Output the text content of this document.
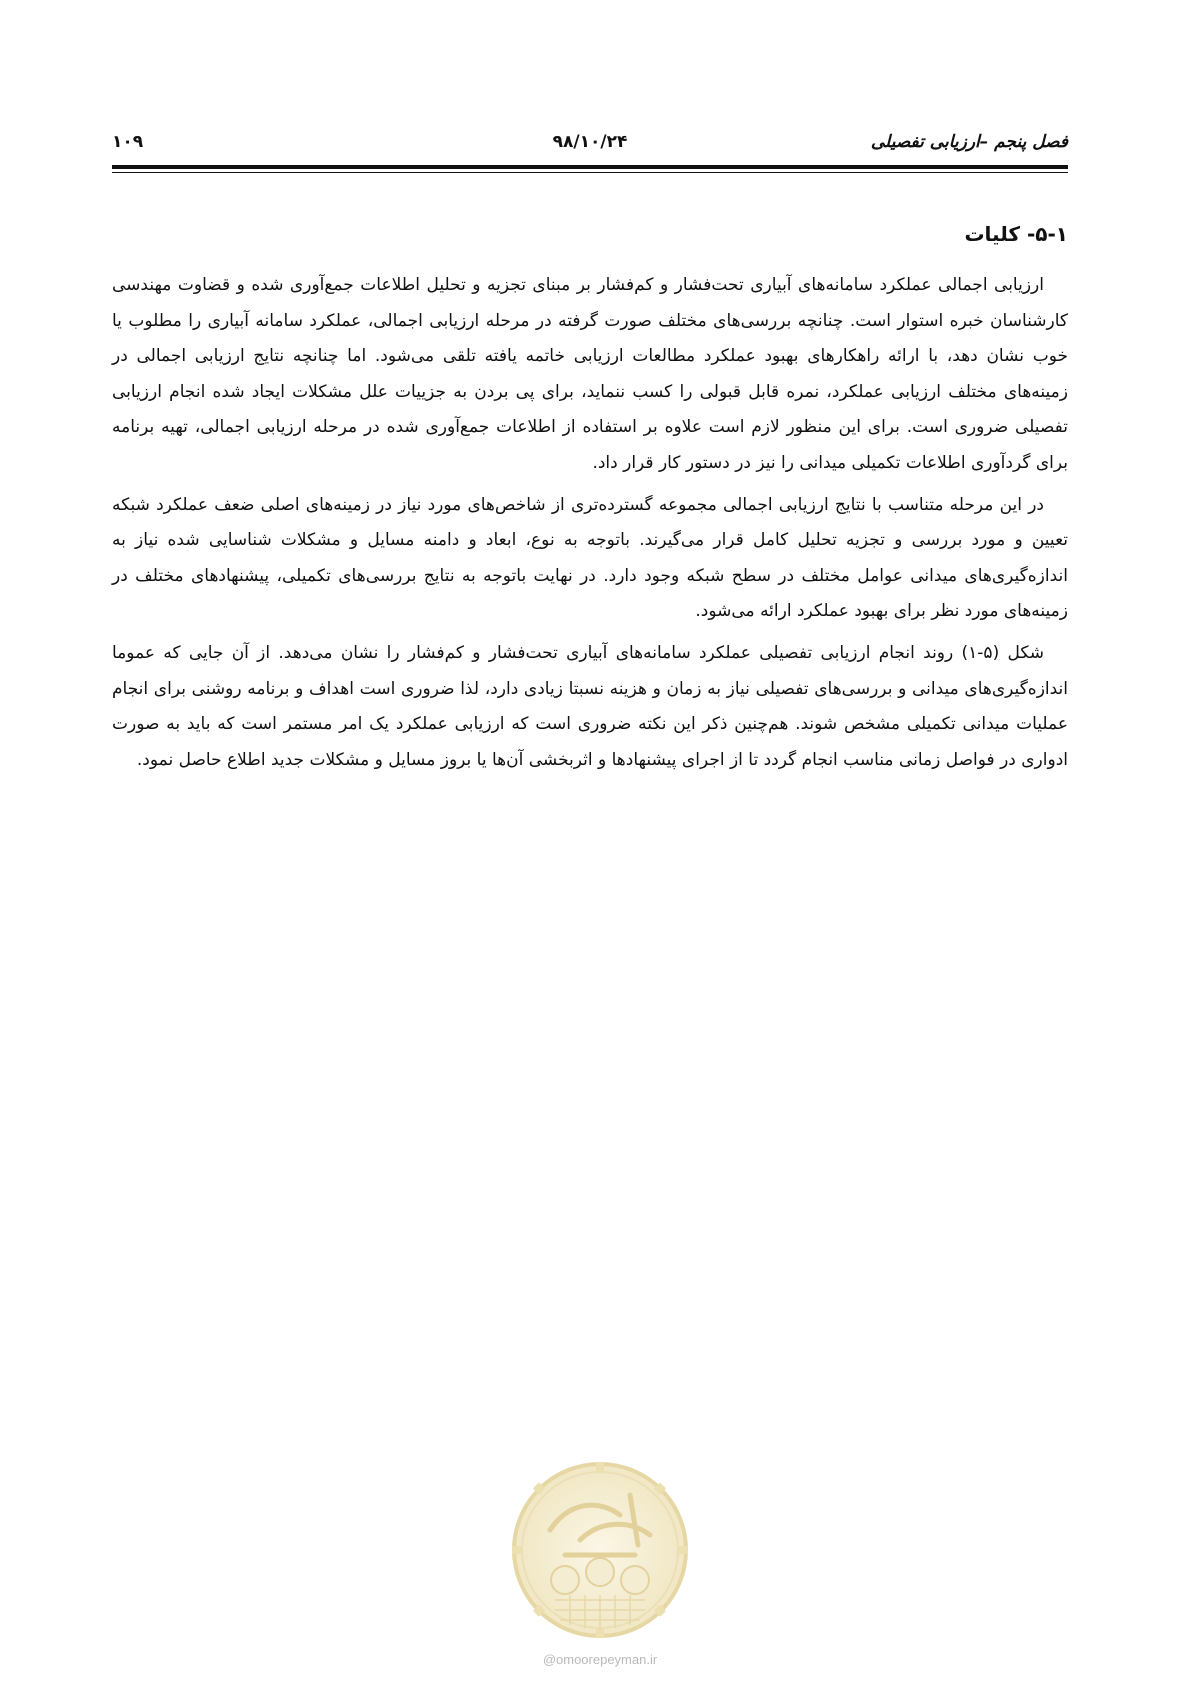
فصل پنجم –ارزیابی تفصیلی
۹۸/۱۰/۲۴
۱۰۹
۵-۱- کلیات

ارزیابی اجمالی عملکرد سامانه‌های آبیاری تحت‌فشار و کم‌فشار بر مبنای تجزیه و تحلیل اطلاعات جمع‌آوری شده و قضاوت مهندسی کارشناسان خبره استوار است. چنانچه بررسی‌های مختلف صورت گرفته در مرحله ارزیابی اجمالی، عملکرد سامانه آبیاری را مطلوب یا خوب نشان دهد، با ارائه راهکارهای بهبود عملکرد مطالعات ارزیابی خاتمه یافته تلقی می‌شود. اما چنانچه نتایج ارزیابی اجمالی در زمینه‌های مختلف ارزیابی عملکرد، نمره قابل قبولی را کسب ننماید، برای پی بردن به جزییات علل مشکلات ایجاد شده انجام ارزیابی تفصیلی ضروری است. برای این منظور لازم است علاوه بر استفاده از اطلاعات جمع‌آوری شده در مرحله ارزیابی اجمالی، تهیه برنامه برای گردآوری اطلاعات تکمیلی میدانی را نیز در دستور کار قرار داد.

در این مرحله متناسب با نتایج ارزیابی اجمالی مجموعه گسترده‌تری از شاخص‌های مورد نیاز در زمینه‌های اصلی ضعف عملکرد شبکه تعیین و مورد بررسی و تجزیه تحلیل کامل قرار می‌گیرند. باتوجه به نوع، ابعاد و دامنه مسایل و مشکلات شناسایی شده نیاز به اندازه‌گیری‌های میدانی عوامل مختلف در سطح شبکه وجود دارد. در نهایت باتوجه به نتایج بررسی‌های تکمیلی، پیشنهادهای مختلف در زمینه‌های مورد نظر برای بهبود عملکرد ارائه می‌شود.

شکل (۵-۱) روند انجام ارزیابی تفصیلی عملکرد سامانه‌های آبیاری تحت‌فشار و کم‌فشار را نشان می‌دهد. از آن جایی که عموما اندازه‌گیری‌های میدانی و بررسی‌های تفصیلی نیاز به زمان و هزینه نسبتا زیادی دارد، لذا ضروری است اهداف و برنامه روشنی برای انجام عملیات میدانی تکمیلی مشخص شوند. هم‌چنین ذکر این نکته ضروری است که ارزیابی عملکرد یک امر مستمر است که باید به صورت ادواری در فواصل زمانی مناسب انجام گردد تا از اجرای پیشنهادها و اثربخشی آن‌ها یا بروز مسایل و مشکلات جدید اطلاع حاصل نمود.

@omoorepeyman.ir
